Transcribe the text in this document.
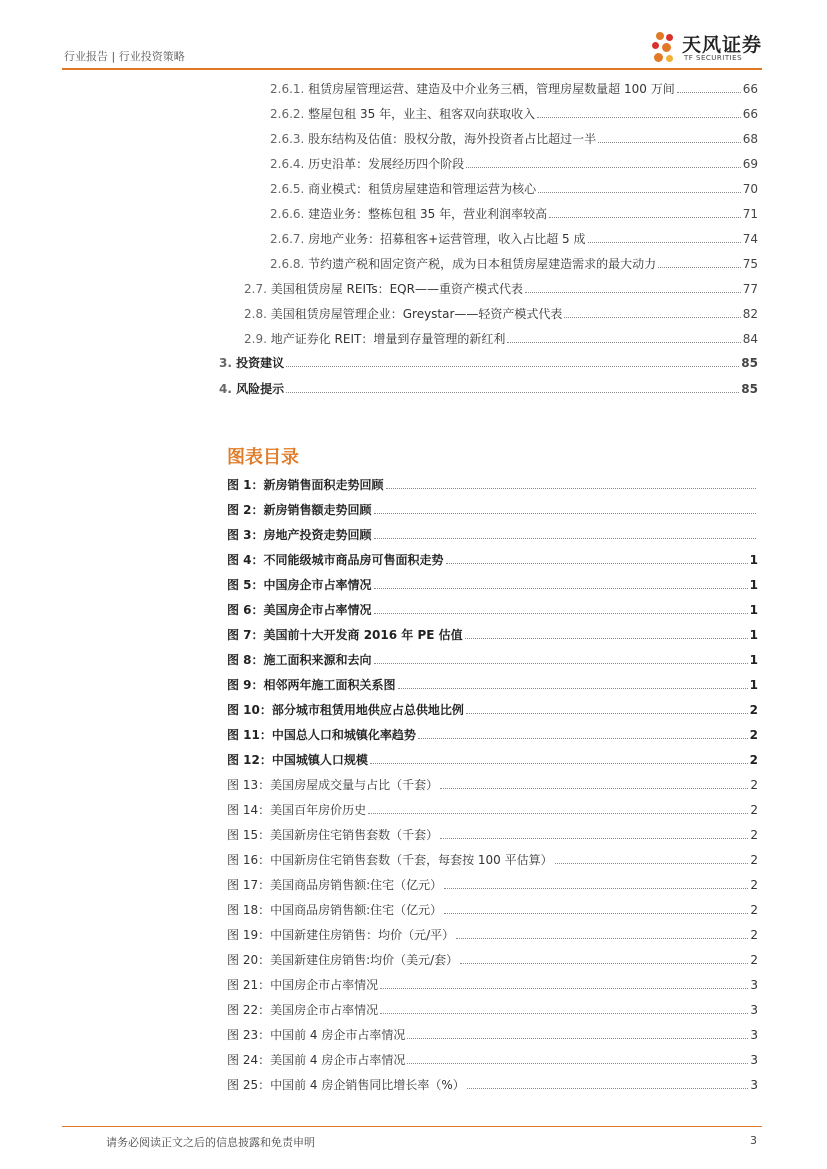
行业报告 | 行业投资策略
天风证券
TF SECURITIES
2.6.1. 租赁房屋管理运营、建造及中介业务三栖，管理房屋数量超 100 万间	66
2.6.2. 整屋包租 35 年，业主、租客双向获取收入	66
2.6.3. 股东结构及估值：股权分散，海外投资者占比超过一半	68
2.6.4. 历史沿革：发展经历四个阶段	69
2.6.5. 商业模式：租赁房屋建造和管理运营为核心	70
2.6.6. 建造业务：整栋包租 35 年，营业利润率较高	71
2.6.7. 房地产业务：招募租客+运营管理，收入占比超 5 成	74
2.6.8. 节约遗产税和固定资产税，成为日本租赁房屋建造需求的最大动力	75
2.7. 美国租赁房屋 REITs：EQR——重资产模式代表	77
2.8. 美国租赁房屋管理企业：Greystar——轻资产模式代表	82
2.9. 地产证券化 REIT：增量到存量管理的新红利	84
3. 投资建议	85
4. 风险提示	85
图表目录
图 1：新房销售面积走势回顾
图 2：新房销售额走势回顾
图 3：房地产投资走势回顾
图 4：不同能级城市商品房可售面积走势	1
图 5：中国房企市占率情况	1
图 6：美国房企市占率情况	1
图 7：美国前十大开发商 2016 年 PE 估值	1
图 8：施工面积来源和去向	1
图 9：相邻两年施工面积关系图	1
图 10：部分城市租赁用地供应占总供地比例	2
图 11：中国总人口和城镇化率趋势	2
图 12：中国城镇人口规模	2
图 13：美国房屋成交量与占比（千套）	2
图 14：美国百年房价历史	2
图 15：美国新房住宅销售套数（千套）	2
图 16：中国新房住宅销售套数（千套，每套按 100 平估算）	2
图 17：美国商品房销售额:住宅（亿元）	2
图 18：中国商品房销售额:住宅（亿元）	2
图 19：中国新建住房销售：均价（元/平）	2
图 20：美国新建住房销售:均价（美元/套）	2
图 21：中国房企市占率情况	3
图 22：美国房企市占率情况	3
图 23：中国前 4 房企市占率情况	3
图 24：美国前 4 房企市占率情况	3
图 25：中国前 4 房企销售同比增长率（%）	3
请务必阅读正文之后的信息披露和免责申明	3
